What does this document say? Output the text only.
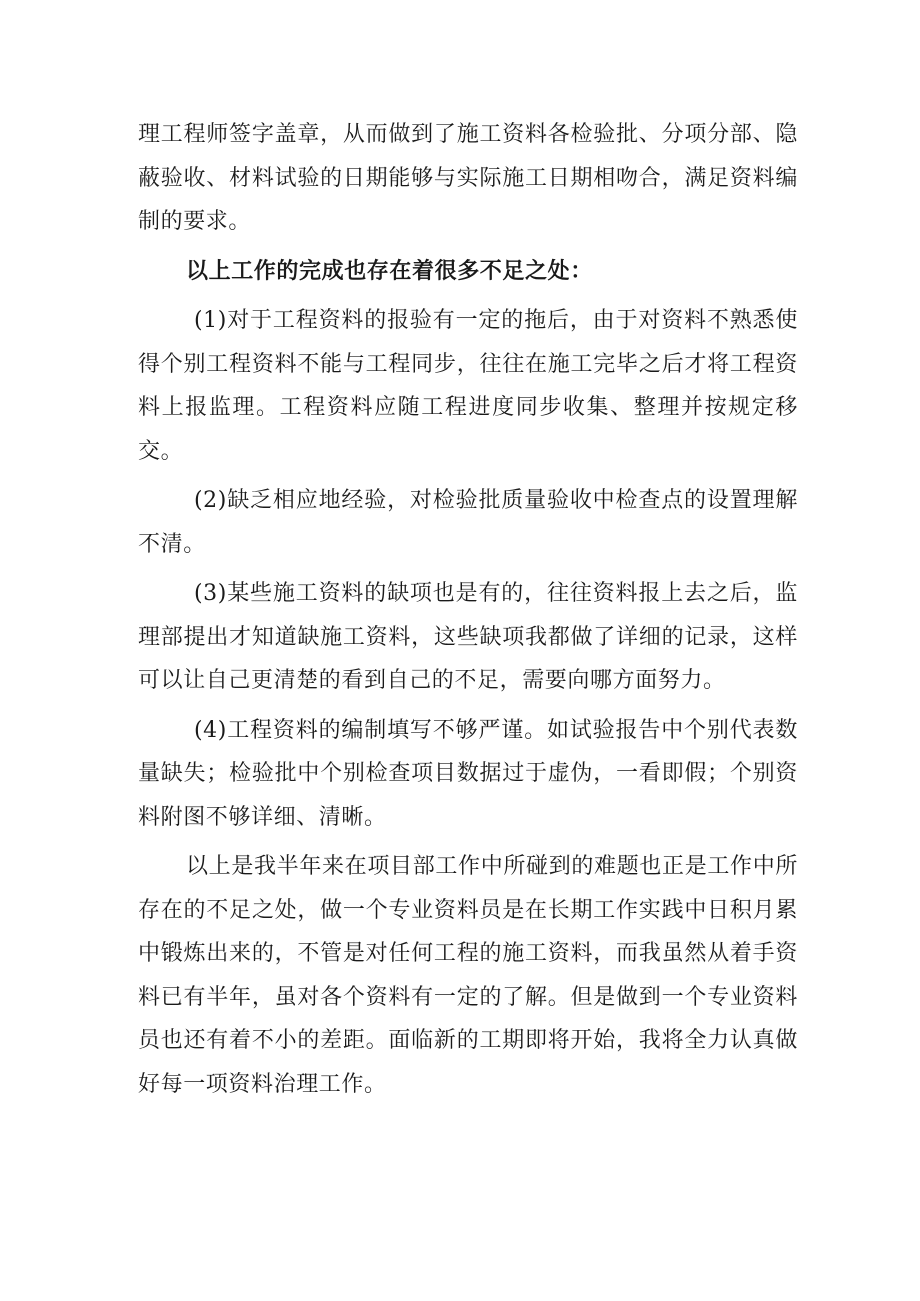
理工程师签字盖章，从而做到了施工资料各检验批、分项分部、隐蔽验收、材料试验的日期能够与实际施工日期相吻合，满足资料编制的要求。

以上工作的完成也存在着很多不足之处：

(1)对于工程资料的报验有一定的拖后，由于对资料不熟悉使得个别工程资料不能与工程同步，往往在施工完毕之后才将工程资料上报监理。工程资料应随工程进度同步收集、整理并按规定移交。

(2)缺乏相应地经验，对检验批质量验收中检查点的设置理解不清。

(3)某些施工资料的缺项也是有的，往往资料报上去之后，监理部提出才知道缺施工资料，这些缺项我都做了详细的记录，这样可以让自己更清楚的看到自己的不足，需要向哪方面努力。

(4)工程资料的编制填写不够严谨。如试验报告中个别代表数量缺失；检验批中个别检查项目数据过于虚伪，一看即假；个别资料附图不够详细、清晰。

以上是我半年来在项目部工作中所碰到的难题也正是工作中所存在的不足之处，做一个专业资料员是在长期工作实践中日积月累中锻炼出来的，不管是对任何工程的施工资料，而我虽然从着手资料已有半年，虽对各个资料有一定的了解。但是做到一个专业资料员也还有着不小的差距。面临新的工期即将开始，我将全力认真做好每一项资料治理工作。
